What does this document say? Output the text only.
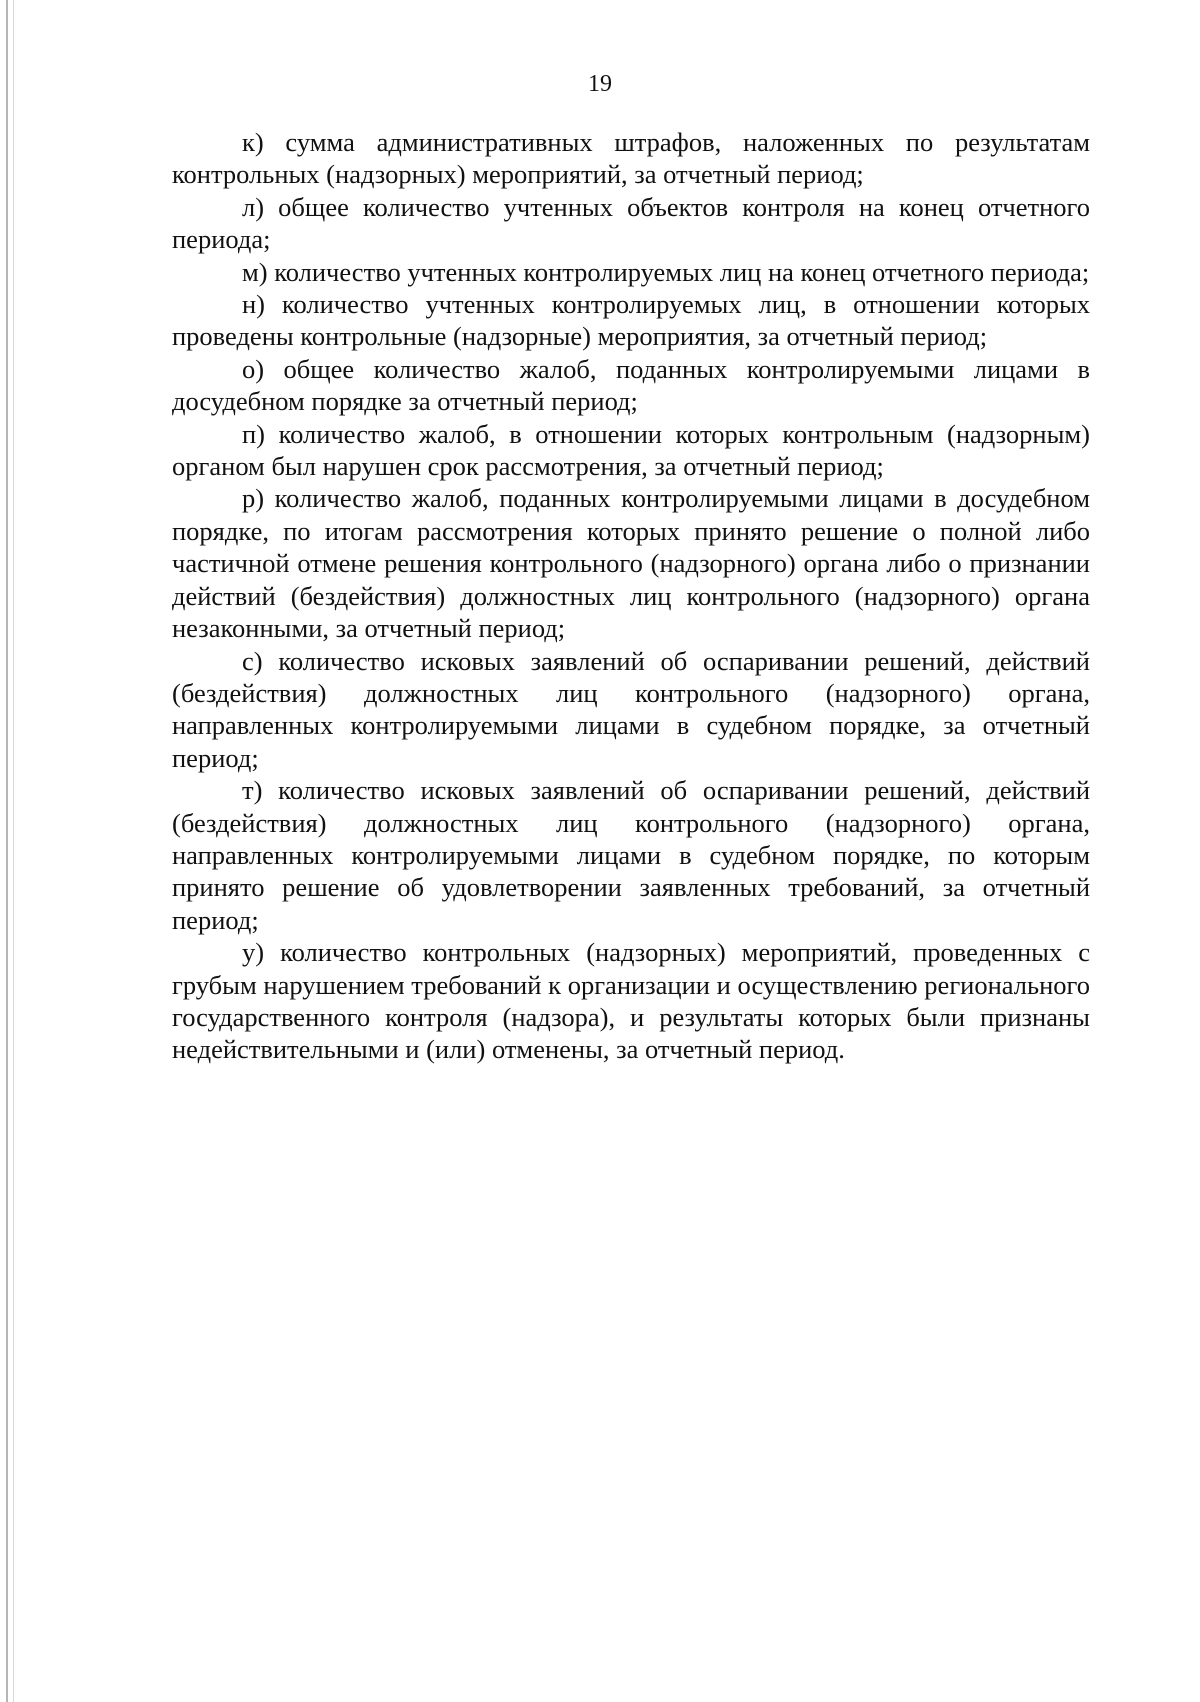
19

к) сумма административных штрафов, наложенных по результатам контрольных (надзорных) мероприятий, за отчетный период;

л) общее количество учтенных объектов контроля на конец отчетного периода;

м) количество учтенных контролируемых лиц на конец отчетного периода;

н) количество учтенных контролируемых лиц, в отношении которых проведены контрольные (надзорные) мероприятия, за отчетный период;

о) общее количество жалоб, поданных контролируемыми лицами в досудебном порядке за отчетный период;

п) количество жалоб, в отношении которых контрольным (надзорным) органом был нарушен срок рассмотрения, за отчетный период;

р) количество жалоб, поданных контролируемыми лицами в досудебном порядке, по итогам рассмотрения которых принято решение о полной либо частичной отмене решения контрольного (надзорного) органа либо о признании действий (бездействия) должностных лиц контрольного (надзорного) органа незаконными, за отчетный период;

с) количество исковых заявлений об оспаривании решений, действий (бездействия) должностных лиц контрольного (надзорного) органа, направленных контролируемыми лицами в судебном порядке, за отчетный период;

т) количество исковых заявлений об оспаривании решений, действий (бездействия) должностных лиц контрольного (надзорного) органа, направленных контролируемыми лицами в судебном порядке, по которым принято решение об удовлетворении заявленных требований, за отчетный период;

у) количество контрольных (надзорных) мероприятий, проведенных с грубым нарушением требований к организации и осуществлению регионального государственного контроля (надзора), и результаты которых были признаны недействительными и (или) отменены, за отчетный период.
